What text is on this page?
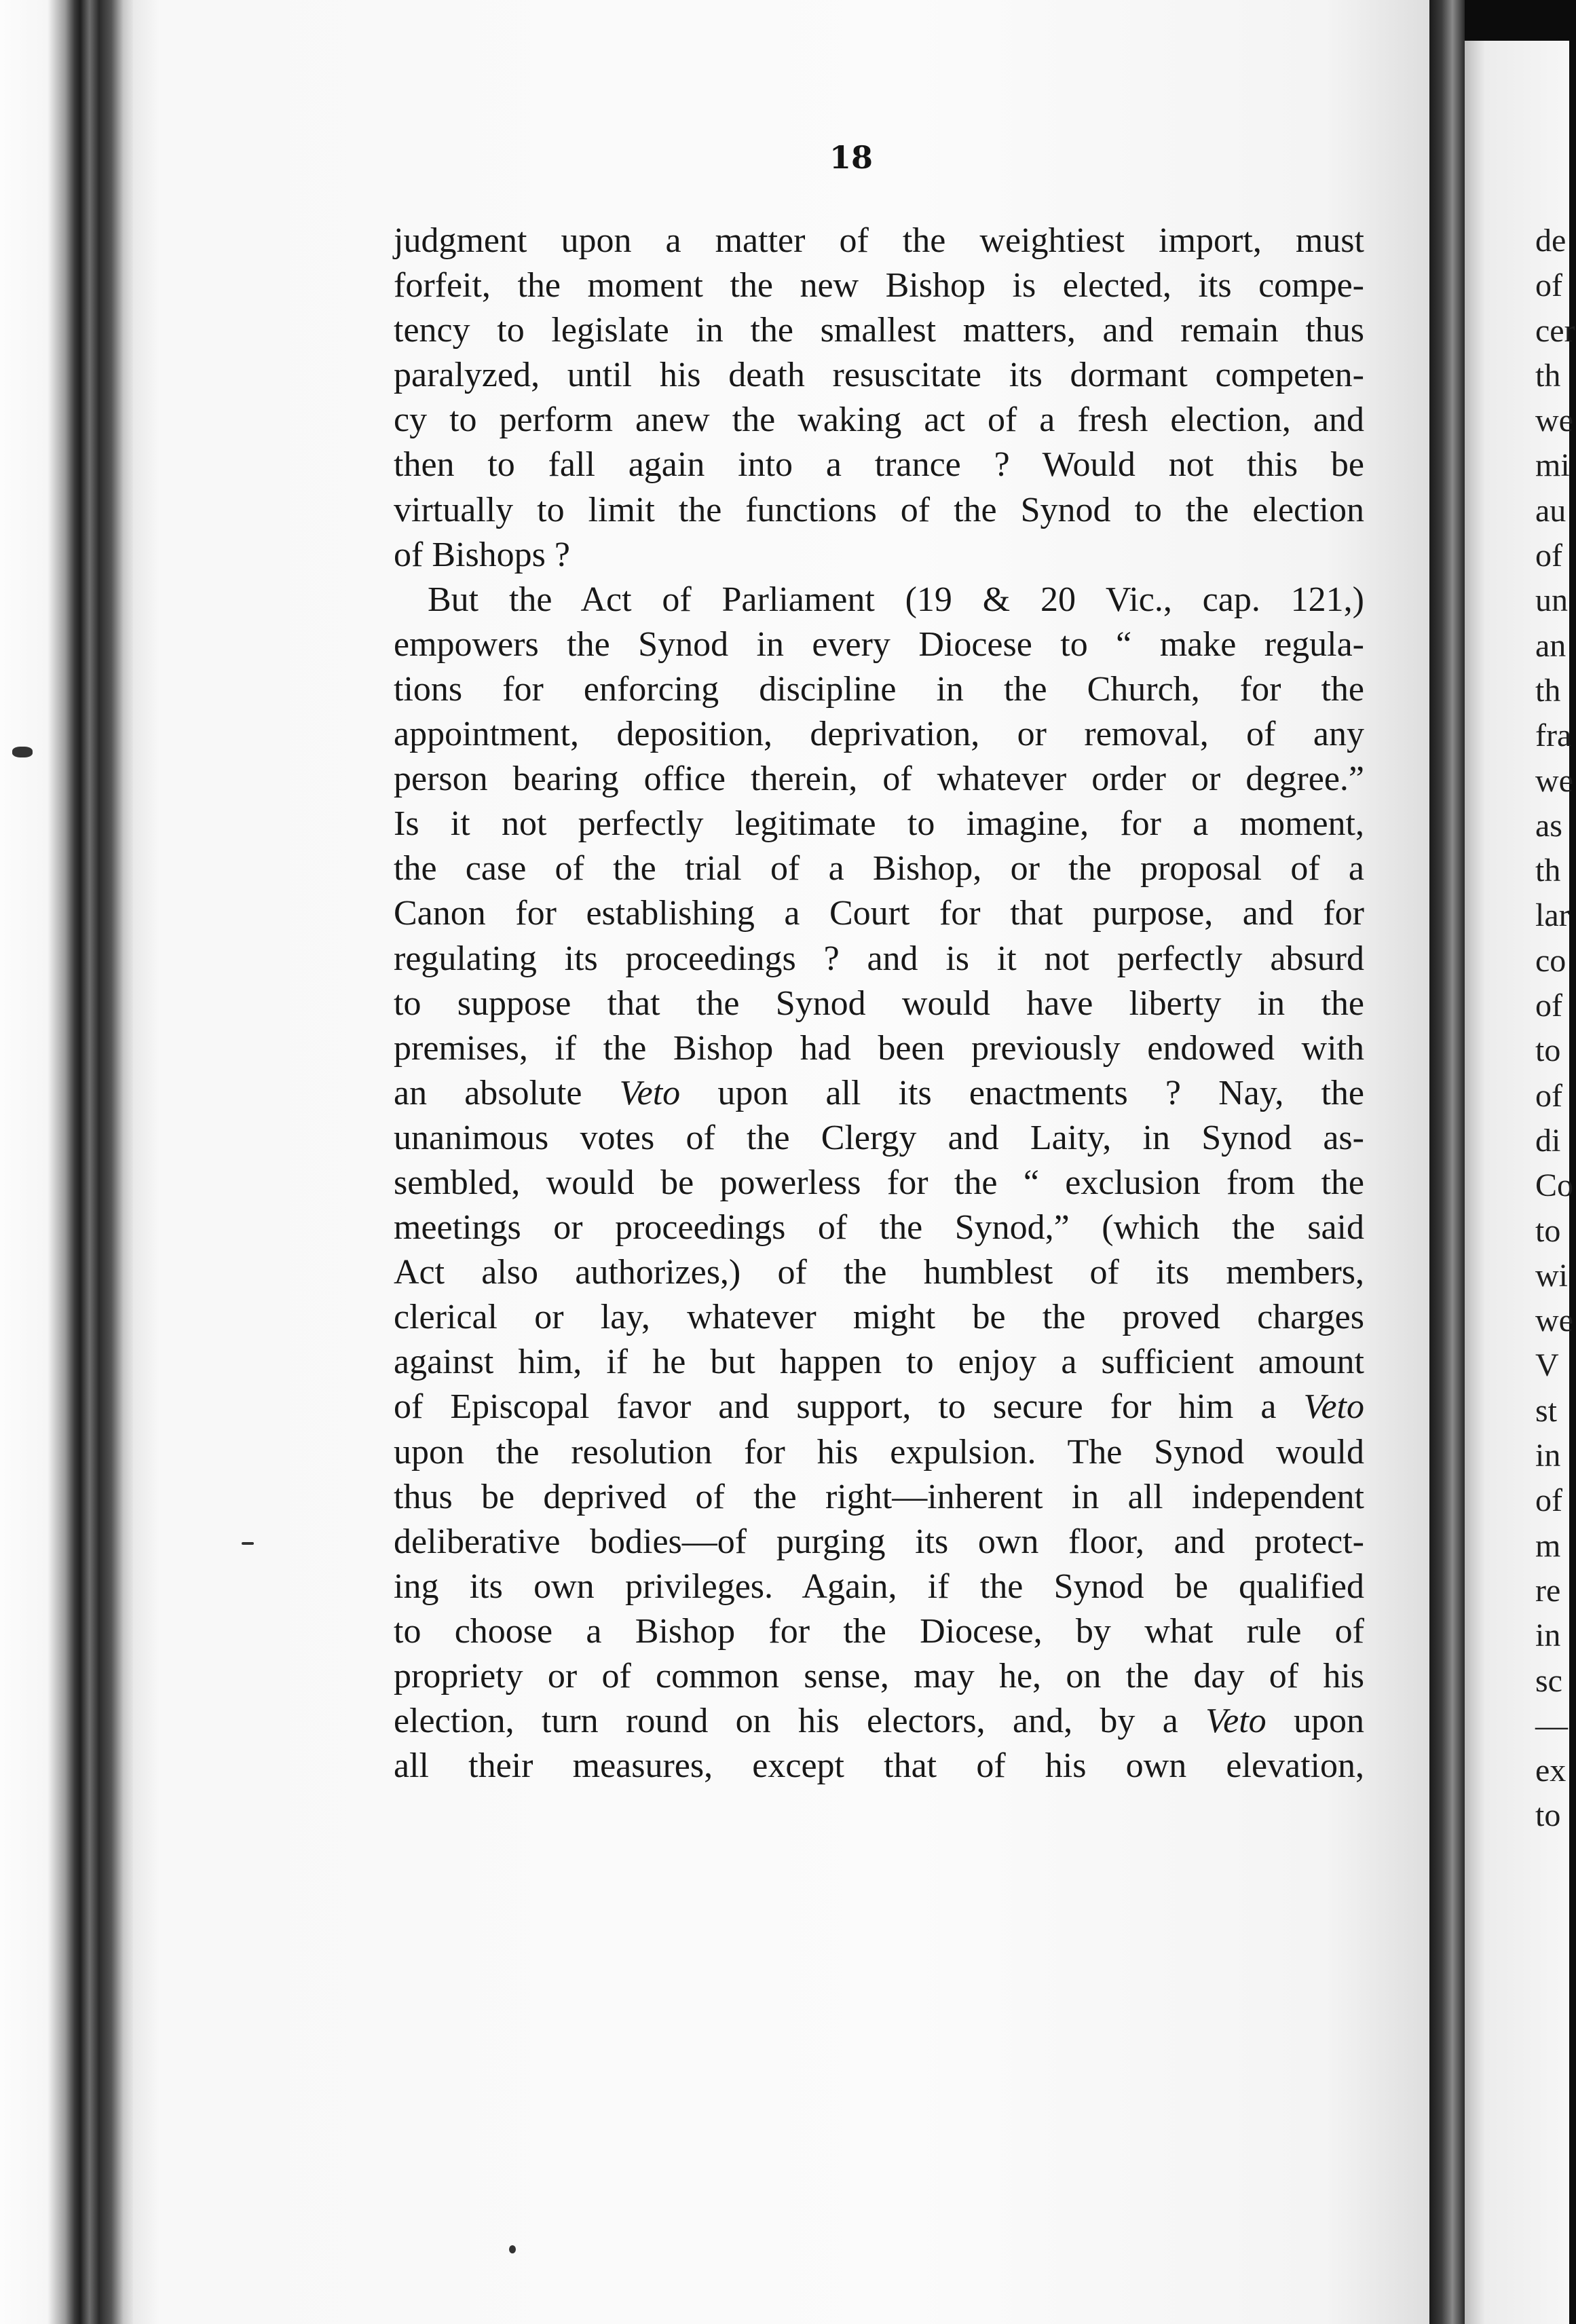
18
judgment upon a matter of the weightiest import, must
forfeit, the moment the new Bishop is elected, its compe-
tency to legislate in the smallest matters, and remain thus
paralyzed, until his death resuscitate its dormant competen-
cy to perform anew the waking act of a fresh election, and
then to fall again into a trance ? Would not this be
virtually to limit the functions of the Synod to the election
of Bishops ?
But the Act of Parliament (19 & 20 Vic., cap. 121,)
empowers the Synod in every Diocese to “ make regula-
tions for enforcing discipline in the Church, for the
appointment, deposition, deprivation, or removal, of any
person bearing office therein, of whatever order or degree.”
Is it not perfectly legitimate to imagine, for a moment,
the case of the trial of a Bishop, or the proposal of a
Canon for establishing a Court for that purpose, and for
regulating its proceedings ? and is it not perfectly absurd
to suppose that the Synod would have liberty in the
premises, if the Bishop had been previously endowed with
an absolute Veto upon all its enactments ? Nay, the
unanimous votes of the Clergy and Laity, in Synod as-
sembled, would be powerless for the “ exclusion from the
meetings or proceedings of the Synod,” (which the said
Act also authorizes,) of the humblest of its members,
clerical or lay, whatever might be the proved charges
against him, if he but happen to enjoy a sufficient amount
of Episcopal favor and support, to secure for him a Veto
upon the resolution for his expulsion. The Synod would
thus be deprived of the right—inherent in all independent
deliberative bodies—of purging its own floor, and protect-
ing its own privileges. Again, if the Synod be qualified
to choose a Bishop for the Diocese, by what rule of
propriety or of common sense, may he, on the day of his
election, turn round on his electors, and, by a Veto upon
all their measures, except that of his own elevation,
de
of
cer
th
we
mi
au
of
un
an
th
fra
we
as
th
lar
co
of
to
of
di
Co
to
wi
we
V
st
in
of
m
re
in
sc
—
ex
to
